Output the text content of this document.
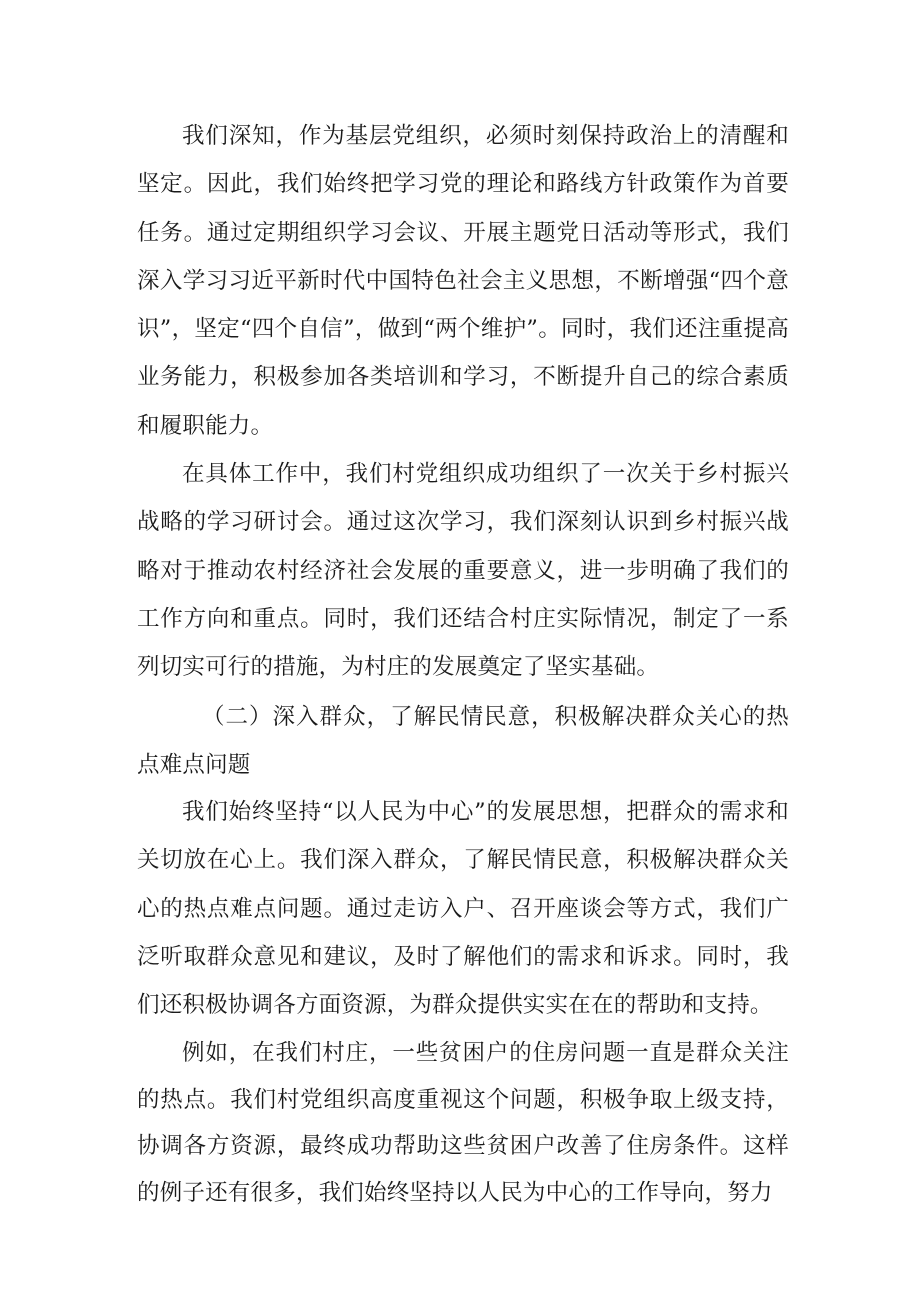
我们深知，作为基层党组织，必须时刻保持政治上的清醒和坚定。因此，我们始终把学习党的理论和路线方针政策作为首要任务。通过定期组织学习会议、开展主题党日活动等形式，我们深入学习习近平新时代中国特色社会主义思想，不断增强“四个意识”，坚定“四个自信”，做到“两个维护”。同时，我们还注重提高业务能力，积极参加各类培训和学习，不断提升自己的综合素质和履职能力。

在具体工作中，我们村党组织成功组织了一次关于乡村振兴战略的学习研讨会。通过这次学习，我们深刻认识到乡村振兴战略对于推动农村经济社会发展的重要意义，进一步明确了我们的工作方向和重点。同时，我们还结合村庄实际情况，制定了一系列切实可行的措施，为村庄的发展奠定了坚实基础。

（二）深入群众，了解民情民意，积极解决群众关心的热点难点问题

我们始终坚持“以人民为中心”的发展思想，把群众的需求和关切放在心上。我们深入群众，了解民情民意，积极解决群众关心的热点难点问题。通过走访入户、召开座谈会等方式，我们广泛听取群众意见和建议，及时了解他们的需求和诉求。同时，我们还积极协调各方面资源，为群众提供实实在在的帮助和支持。

例如，在我们村庄，一些贫困户的住房问题一直是群众关注的热点。我们村党组织高度重视这个问题，积极争取上级支持，协调各方资源，最终成功帮助这些贫困户改善了住房条件。这样的例子还有很多，我们始终坚持以人民为中心的工作导向，努力
